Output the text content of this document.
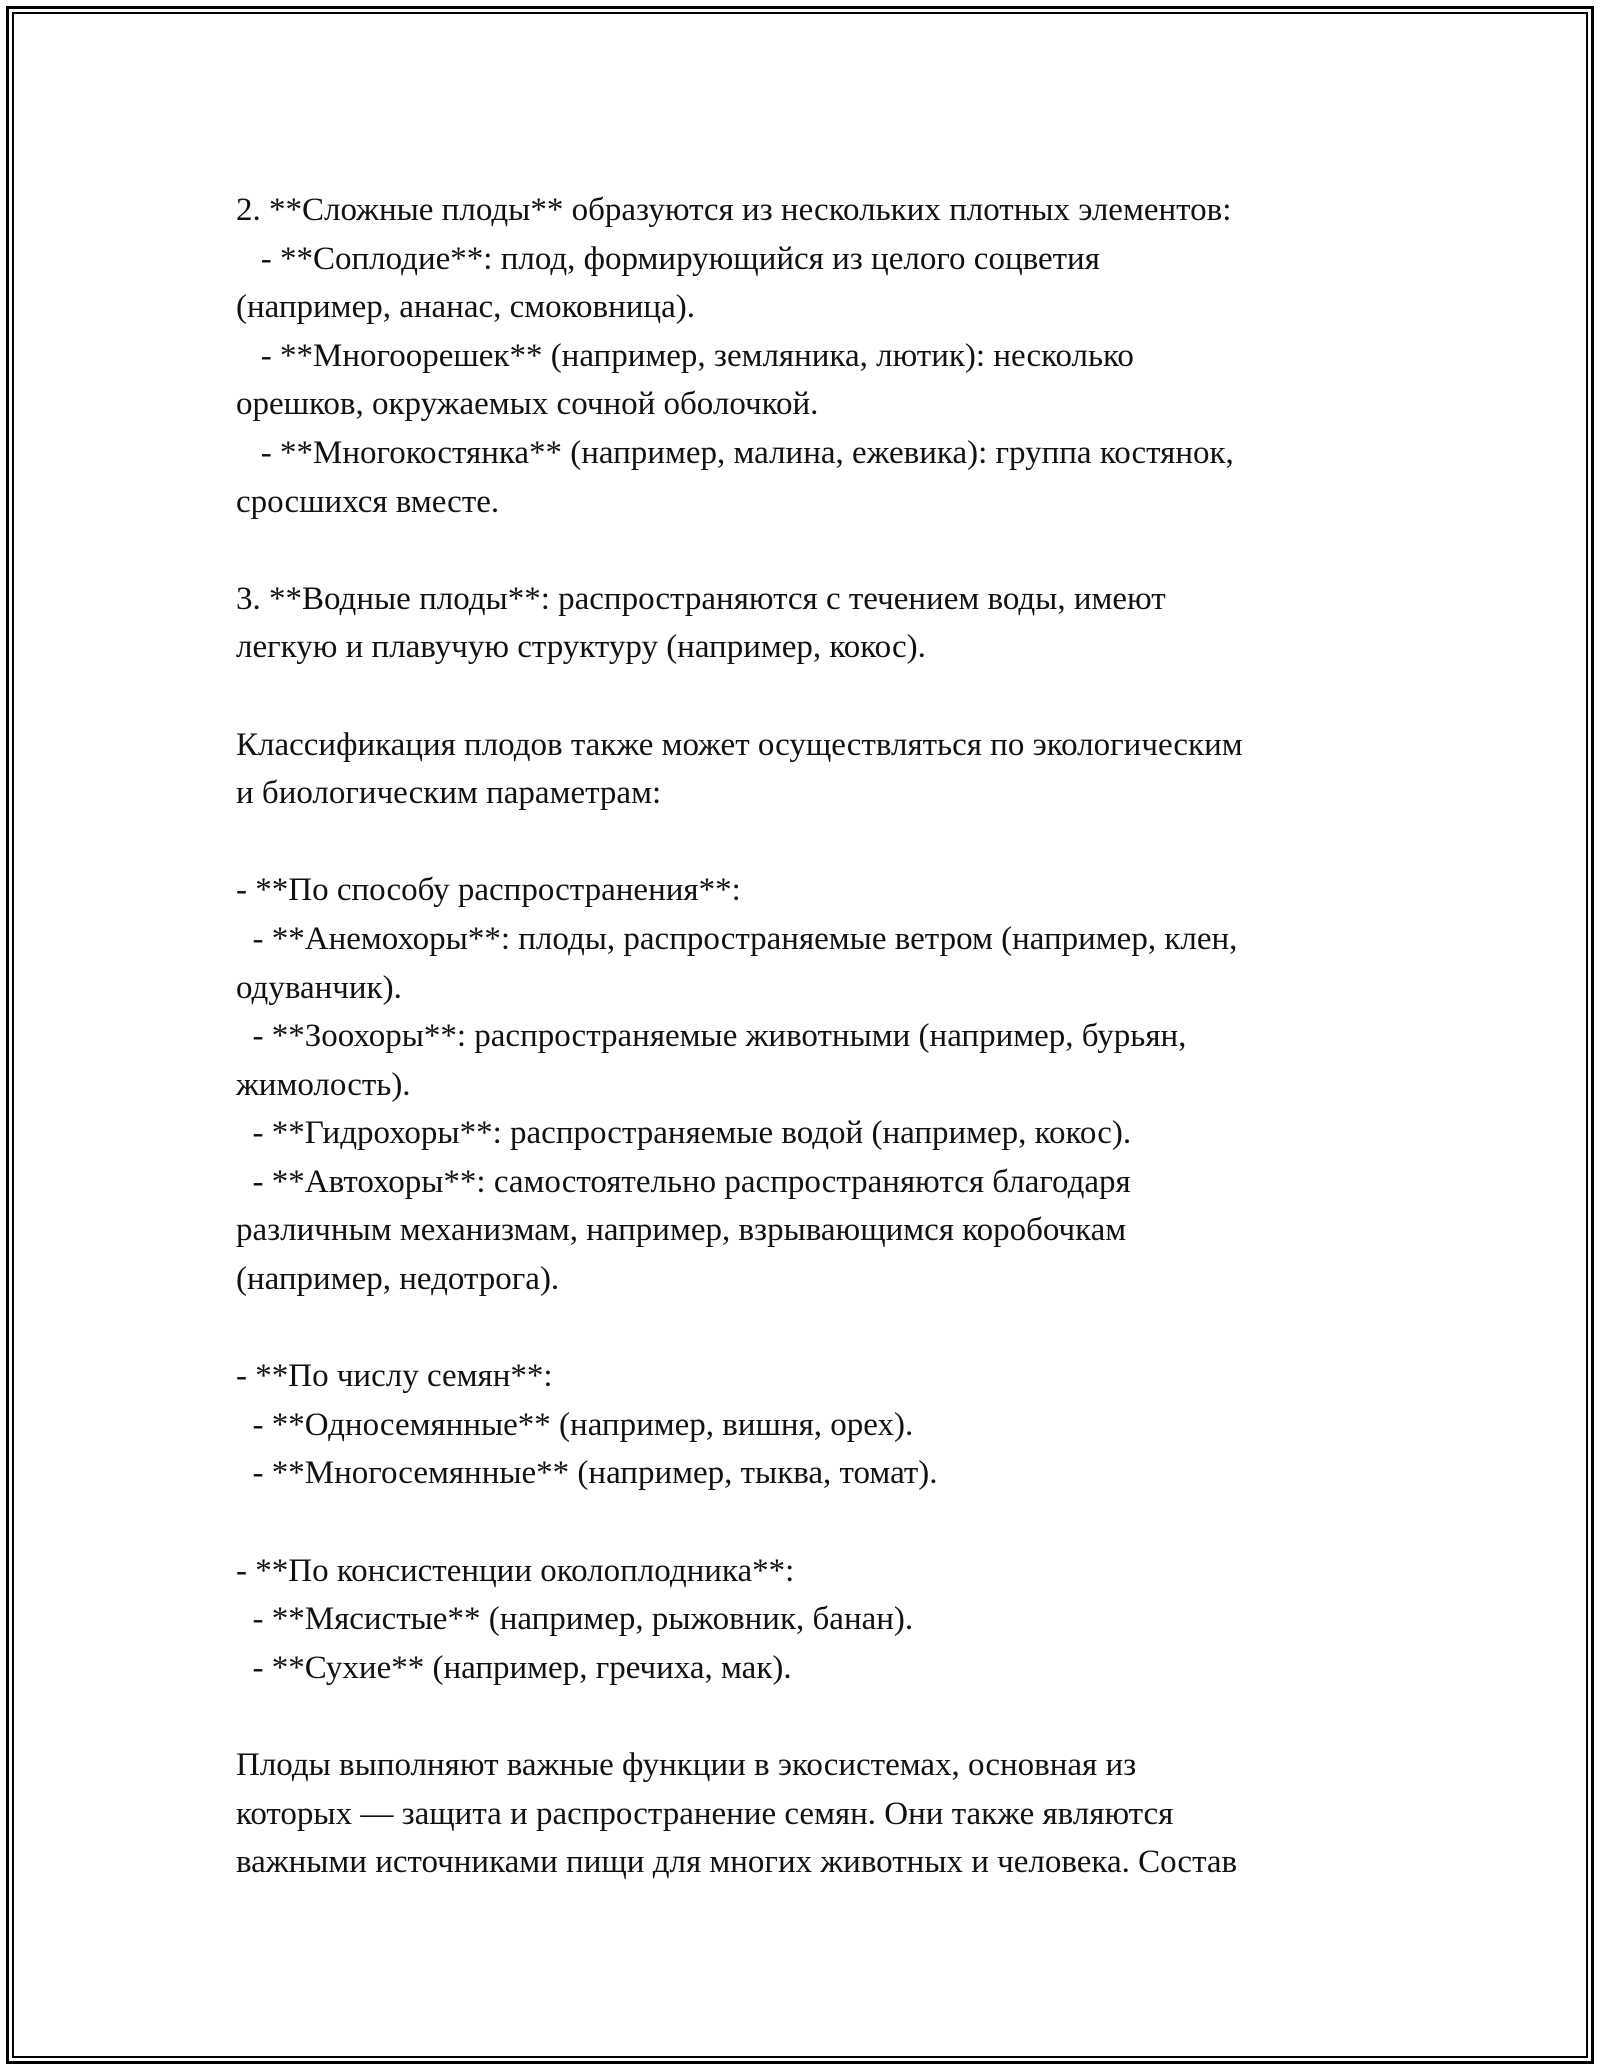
2. **Сложные плоды** образуются из нескольких плотных элементов:
- **Соплодие**: плод, формирующийся из целого соцветия
(например, ананас, смоковница).
- **Многоорешек** (например, земляника, лютик): несколько
орешков, окружаемых сочной оболочкой.
- **Многокостянка** (например, малина, ежевика): группа костянок,
сросшихся вместе.
3. **Водные плоды**: распространяются с течением воды, имеют
легкую и плавучую структуру (например, кокос).
Классификация плодов также может осуществляться по экологическим
и биологическим параметрам:
- **По способу распространения**:
- **Анемохоры**: плоды, распространяемые ветром (например, клен,
одуванчик).
- **Зоохоры**: распространяемые животными (например, бурьян,
жимолость).
- **Гидрохоры**: распространяемые водой (например, кокос).
- **Автохоры**: самостоятельно распространяются благодаря
различным механизмам, например, взрывающимся коробочкам
(например, недотрога).
- **По числу семян**:
- **Односемянные** (например, вишня, орех).
- **Многосемянные** (например, тыква, томат).
- **По консистенции околоплодника**:
- **Мясистые** (например, рыжовник, банан).
- **Сухие** (например, гречиха, мак).
Плоды выполняют важные функции в экосистемах, основная из
которых — защита и распространение семян. Они также являются
важными источниками пищи для многих животных и человека. Состав
